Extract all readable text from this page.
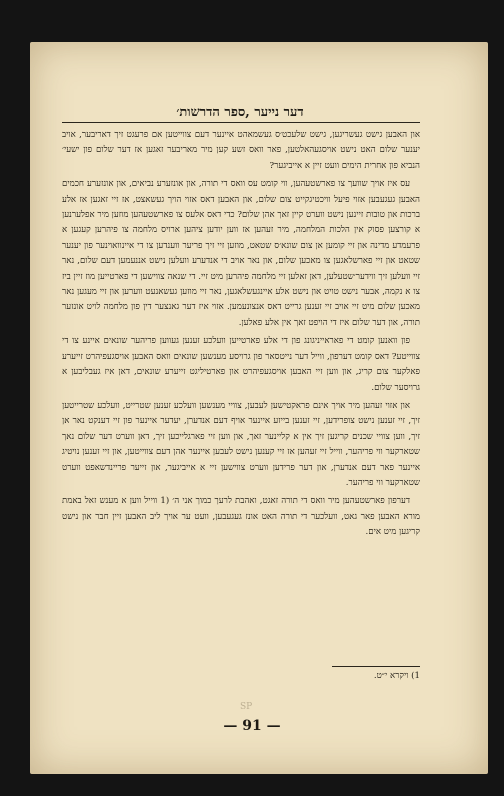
דער נייער ,ספר הדרשות׳

און האבען גישט געשריגען, גישט שלעכט׳ס געשמאהט איינער דעם צווייטען אם פרעגט זיך דאריבער, אויב יענער שלום האט נישט אויסגעהאלטען, פאר וואס זשע קען מיר מאריבער זאגען אז דער שלום פון ישעי׳ הנביא פון אחרית הימים וועט זיין א אייביגער?

עס איז אויך שוועך צו פארשטעהען, ווי קומט עס וואס די תורה, און אונזערע נביאים, און אונזערע חכמים האבען געגעבען אזוי פיעל וויכטיגקייט צום שלום, און האבען דאס אזוי הויך געשאצט, אז זיי זאגען אז אלע ברכות און טובות זיינען נישט ווערט קיין זאך אהן שלום? כדי דאס אלעס צו פארשטעהען מוזען מיר אפלערנען א קורצען פסוק אין הלכות המלחמה, מיר זעהען אז ווען יודען ציהען ארויס מלחמה צו פיהרען קעגען א פרעמדע מדינה און זיי קומען אן צום שונא׳ס שטאט, מוזען זיי זיך פריער ווענדען צו די איינוואוינער פון יענער שטאט און זיי פארשלאגען צו מאכען שלום, און נאר אויב די אנדערע וועלען נישט אננעמען דעם שלום, נאר זיי וועלען זיך ווידער׳שטעלען, דאן זאלען זיי מלחמה פיהרען מיט זיי. די שנאה צווישען די פארטייען מוז זיין ביז צו א נקמה, אבער נישט טויט און נישט אלע איינגעשלאגען, נאר זיי מוזען געשאנעט ווערען און זיי מעגען נאר מאכען שלום מיט זיי אויב זיי זענען גרייט דאס אנצונעמען. אזוי איז דער גאנצער דין פון מלחמה לויט אונזער תורה, און דער שלום איז די הויפט זאך אין אלע פאלען.

פון וואנען קומט די פאראייניגונג פון די אלע פארטייען וועלכע זענען געווען פריהער שונאים איינע צו די צווייטע? דאס קומט דערפון, ווייל דער נייטסאר פון גרויסע מענשען שונאים וואס האבען אויסגעפיהרט זייערע פאלקער צום קריג, און ווען זיי האבען אויסגעפיהרט און פארטיליגט זייערע שונאים, דאן איז געבליבען א גרויסער שלום.

און אזוי זעהען מיר אויך אינם פראקטישען לעבען, צוויי מענשען וועלכע זענען שטרייט, וועלכע שטרייטען זיך, זיי זענען נישט צופרידען, זיי זענען בייזע איינער אויף דעם אנדערן, יעדער איינער פון זיי דענקט נאר אן זיך, ווען צוויי שכנים קריגען זיך אין א קליינער זאך, און ווען זיי פארגלייכען זיך, דאן ווערט דער שלום נאך שטארקער ווי פריהער, ווייל זיי זעהען אז זיי קענען נישט לעבען איינער אהן דעם צווייטען, און זיי זענען נויטיג איינער פאר דעם אנדערן, און דער פרידען ווערט צווישען זיי א אייביגער, און זייער פריינדשאפט ווערט שטארקער ווי פריהער.

דערפון פארשטעהען מיר וואס די תורה זאגט, ואהבת לרעך כמוך אני ה׳ (1 ווייל ווען א מענש זאל באמת מורא האבען פאר גאט, וועלכער די תורה האט אונז געגעבען, וועט ער אויך ליב האבען זיין חבר און נישט קריגען מיט אים.

1) ויקרא י״ט.
SP
— 91 —
